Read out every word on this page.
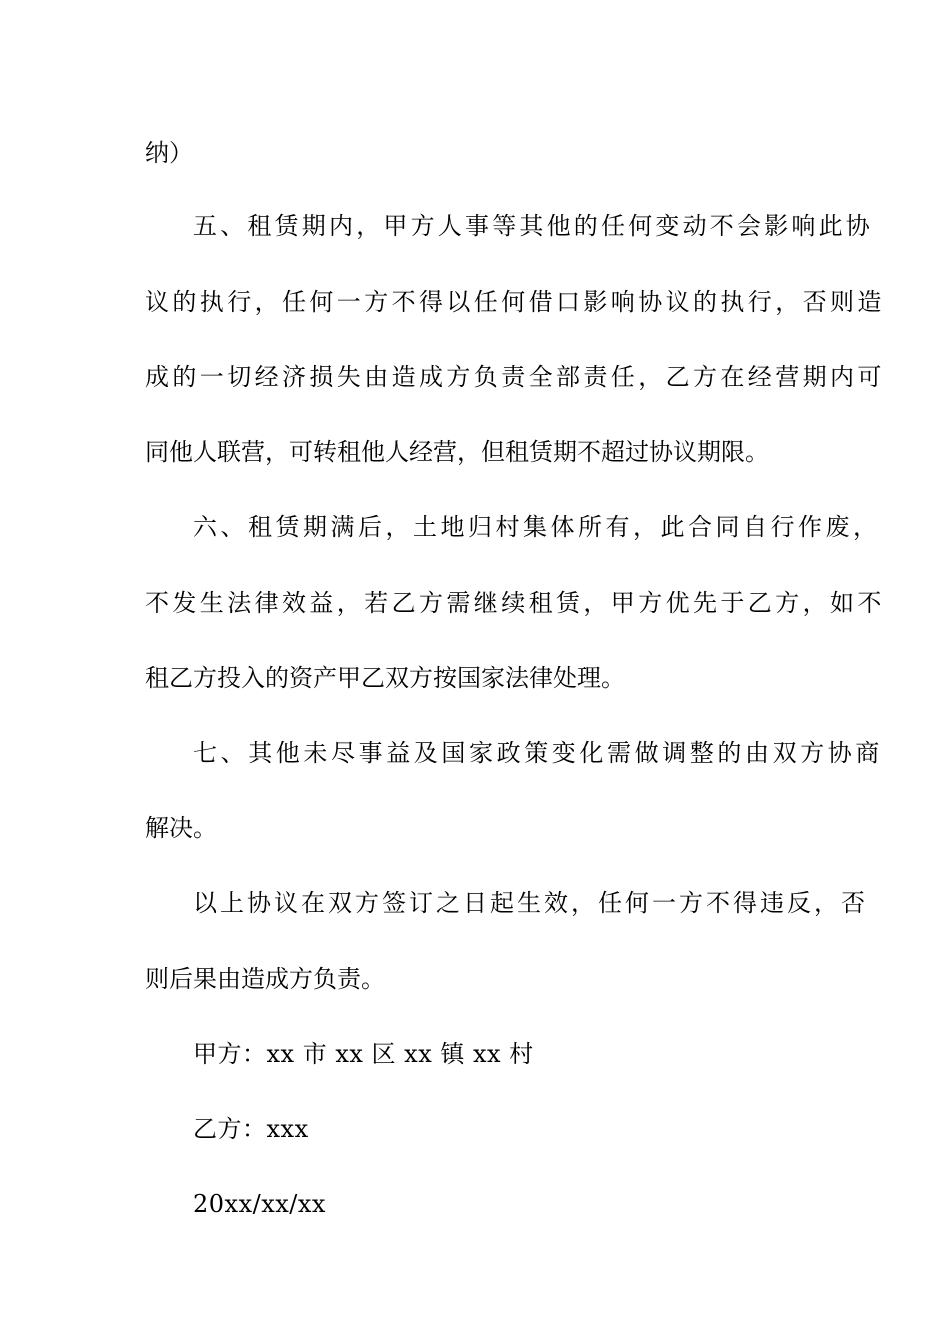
纳）
五、租赁期内，甲方人事等其他的任何变动不会影响此协
议的执行，任何一方不得以任何借口影响协议的执行，否则造
成的一切经济损失由造成方负责全部责任，乙方在经营期内可
同他人联营，可转租他人经营，但租赁期不超过协议期限。
六、租赁期满后，土地归村集体所有，此合同自行作废，
不发生法律效益，若乙方需继续租赁，甲方优先于乙方，如不
租乙方投入的资产甲乙双方按国家法律处理。
七、其他未尽事益及国家政策变化需做调整的由双方协商
解决。
以上协议在双方签订之日起生效，任何一方不得违反，否
则后果由造成方负责。
甲方：xx 市 xx 区 xx 镇 xx 村
乙方：xxx
20xx/xx/xx
